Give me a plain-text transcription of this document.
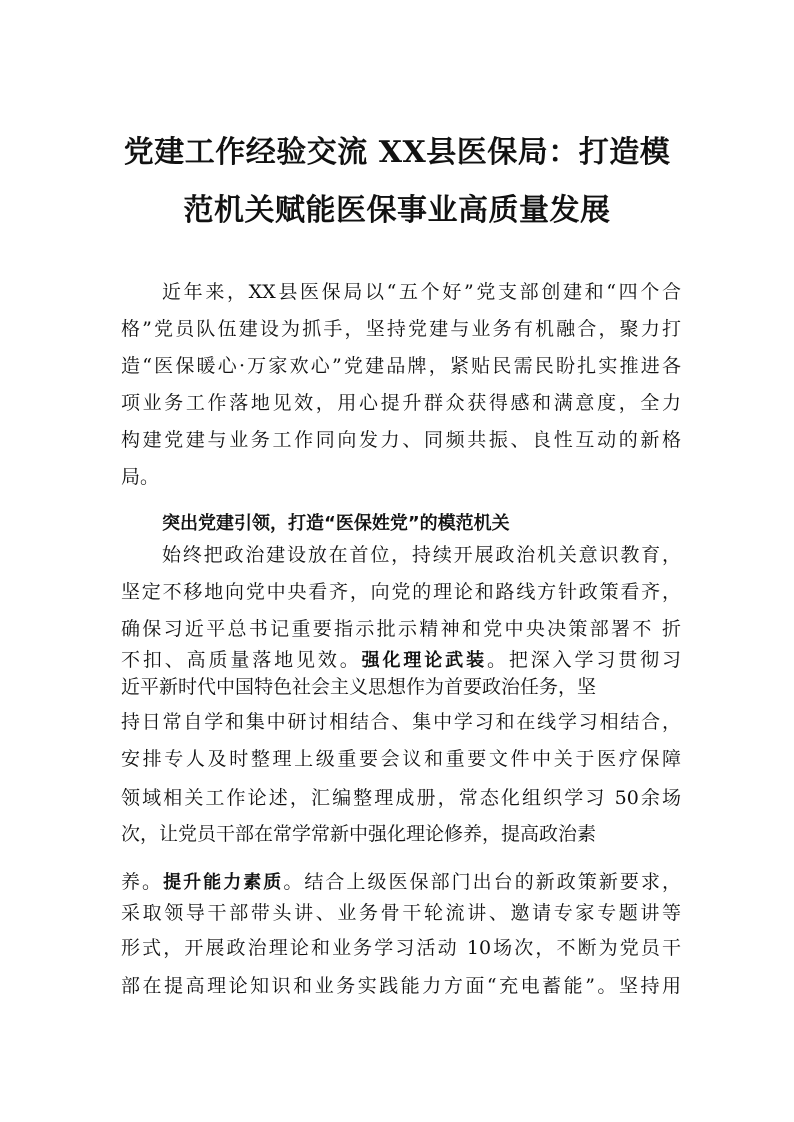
党建工作经验交流 XX县医保局：打造模
范机关赋能医保事业高质量发展
近年来，XX县医保局以“五个好”党支部创建和“四个合
格”党员队伍建设为抓手，坚持党建与业务有机融合，聚力打
造“医保暖心·万家欢心”党建品牌，紧贴民需民盼扎实推进各
项业务工作落地见效，用心提升群众获得感和满意度，全力
构建党建与业务工作同向发力、同频共振、良性互动的新格
局。
突出党建引领，打造“医保姓党”的模范机关
始终把政治建设放在首位，持续开展政治机关意识教育，
坚定不移地向党中央看齐，向党的理论和路线方针政策看齐，
确保习近平总书记重要指示批示精神和党中央决策部署不 折
不扣、高质量落地见效。强化理论武装。把深入学习贯彻习
近平新时代中国特色社会主义思想作为首要政治任务，坚
持日常自学和集中研讨相结合、集中学习和在线学习相结合，
安排专人及时整理上级重要会议和重要文件中关于医疗保障
领域相关工作论述，汇编整理成册，常态化组织学习 50余场
次，让党员干部在常学常新中强化理论修养，提高政治素
养。提升能力素质。结合上级医保部门出台的新政策新要求，
采取领导干部带头讲、业务骨干轮流讲、邀请专家专题讲等
形式，开展政治理论和业务学习活动 10场次，不断为党员干
部在提高理论知识和业务实践能力方面“充电蓄能”。坚持用
